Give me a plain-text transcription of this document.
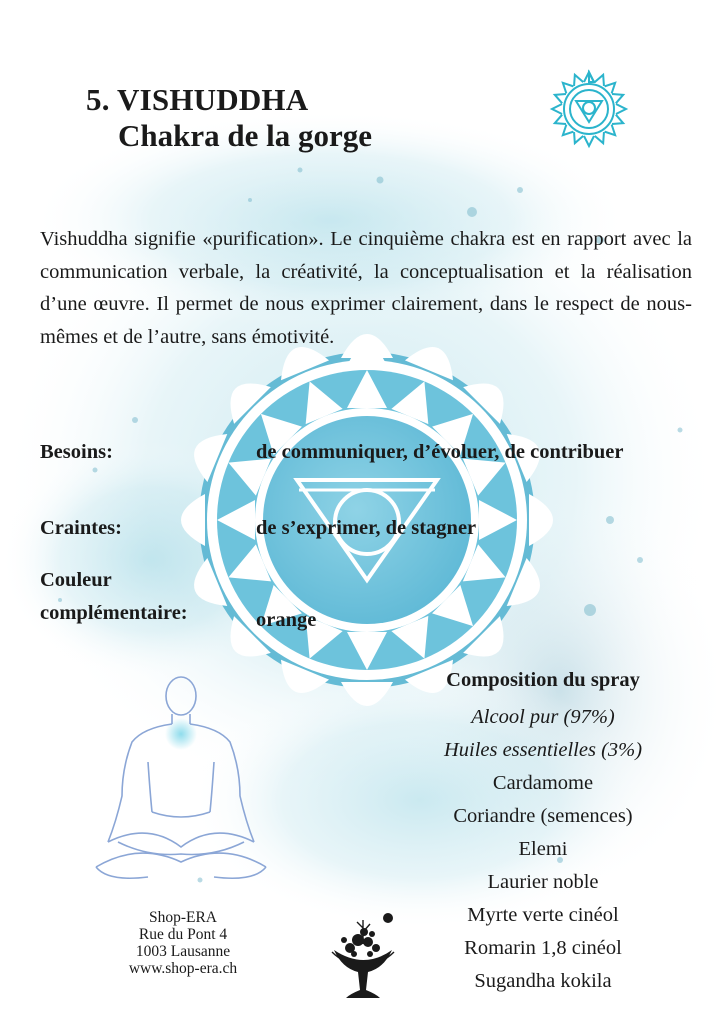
5. VISHUDDHA
Chakra de la gorge
Vishuddha signifie «purification». Le cinquième chakra est en rapport avec la communication verbale, la créativité, la conceptualisation et la réalisation d’une œuvre. Il permet de nous exprimer clairement, dans le respect de nous-mêmes et de l’autre, sans émotivité.
Besoins:	de communiquer, d’évoluer, de contribuer
Craintes:	de s’exprimer, de stagner
Couleur
complémentaire:	orange
Composition du spray
Alcool pur (97%)
Huiles essentielles (3%)
Cardamome
Coriandre (semences)
Elemi
Laurier noble
Myrte verte cinéol
Romarin 1,8 cinéol
Sugandha kokila
Shop-ERA
Rue du Pont 4
1003 Lausanne
www.shop-era.ch
